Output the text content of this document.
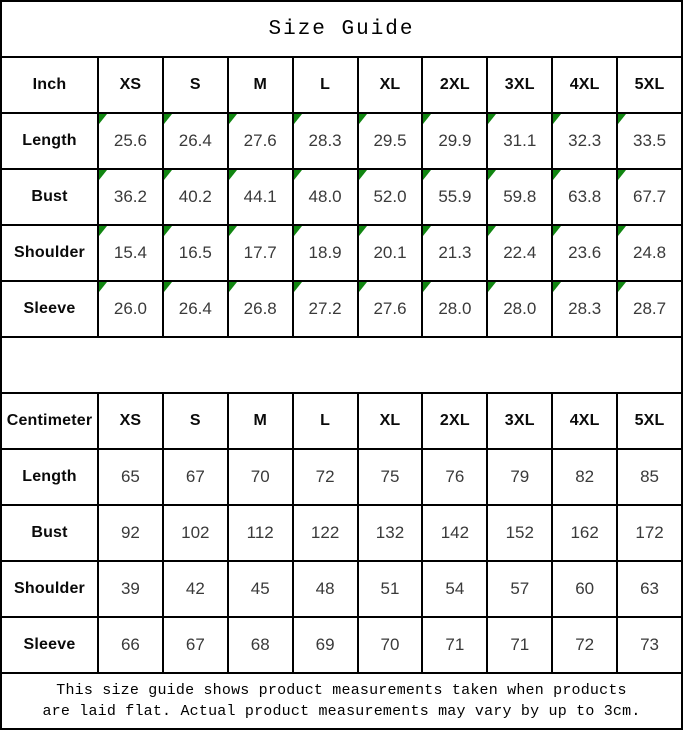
Size Guide
Inch	XS	S	M	L	XL	2XL	3XL	4XL	5XL
Length	25.6 26.4 27.6 28.3 29.5 29.9 31.1 32.3 33.5
Bust	36.2 40.2 44.1 48.0 52.0 55.9 59.8 63.8 67.7
Shoulder	15.4 16.5 17.7 18.9 20.1 21.3 22.4 23.6 24.8
Sleeve	26.0 26.4 26.8 27.2 27.6 28.0 28.0 28.3 28.7
Centimeter	XS	S	M	L	XL	2XL	3XL	4XL	5XL
Length	65	67	70	72	75	76	79	82	85
Bust	92	102	112	122	132	142	152	162	172
Shoulder	39	42	45	48	51	54	57	60	63
Sleeve	66	67	68	69	70	71	71	72	73
This size guide shows product measurements taken when products
are laid flat. Actual product measurements may vary by up to 3cm.
